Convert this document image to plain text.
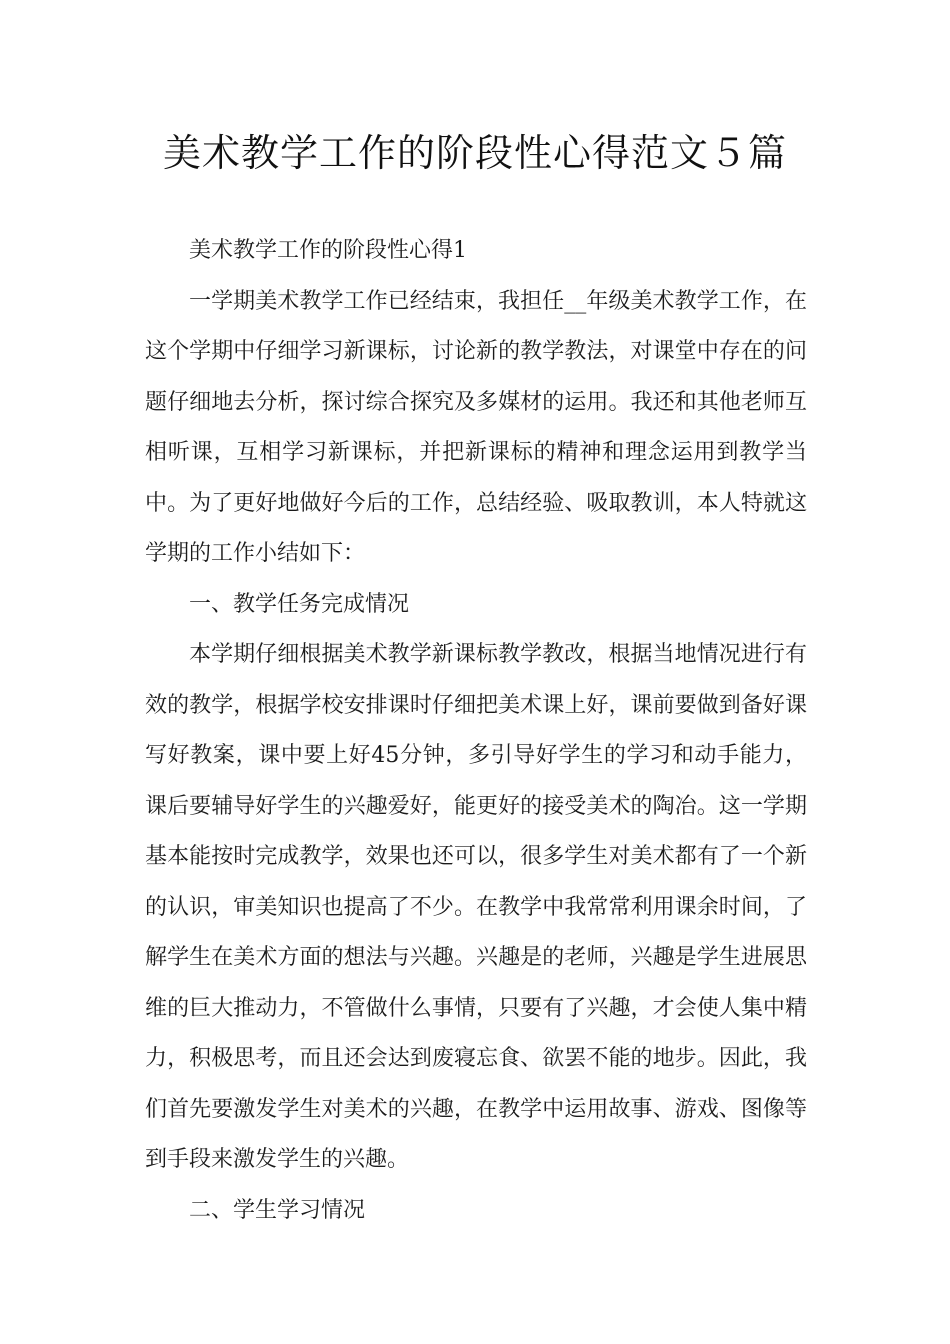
美术教学工作的阶段性心得范文５篇

美术教学工作的阶段性心得1

一学期美术教学工作已经结束，我担任__年级美术教学工作，在这个学期中仔细学习新课标，讨论新的教学教法，对课堂中存在的问题仔细地去分析，探讨综合探究及多媒材的运用。我还和其他老师互相听课，互相学习新课标，并把新课标的精神和理念运用到教学当中。为了更好地做好今后的工作，总结经验、吸取教训，本人特就这学期的工作小结如下：

一、教学任务完成情况

本学期仔细根据美术教学新课标教学教改，根据当地情况进行有效的教学，根据学校安排课时仔细把美术课上好，课前要做到备好课写好教案，课中要上好45分钟，多引导好学生的学习和动手能力，课后要辅导好学生的兴趣爱好，能更好的接受美术的陶冶。这一学期基本能按时完成教学，效果也还可以，很多学生对美术都有了一个新的认识，审美知识也提高了不少。在教学中我常常利用课余时间，了解学生在美术方面的想法与兴趣。兴趣是的老师，兴趣是学生进展思维的巨大推动力，不管做什么事情，只要有了兴趣，才会使人集中精力，积极思考，而且还会达到废寝忘食、欲罢不能的地步。因此，我们首先要激发学生对美术的兴趣，在教学中运用故事、游戏、图像等到手段来激发学生的兴趣。

二、学生学习情况
